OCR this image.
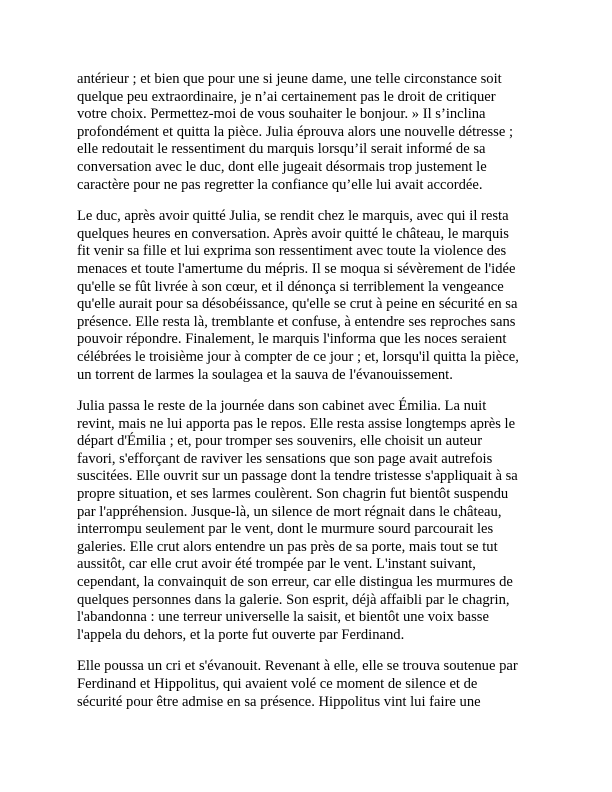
antérieur ; et bien que pour une si jeune dame, une telle circonstance soit
quelque peu extraordinaire, je n’ai certainement pas le droit de critiquer
votre choix. Permettez-moi de vous souhaiter le bonjour. » Il s’inclina
profondément et quitta la pièce. Julia éprouva alors une nouvelle détresse ;
elle redoutait le ressentiment du marquis lorsqu’il serait informé de sa
conversation avec le duc, dont elle jugeait désormais trop justement le
caractère pour ne pas regretter la confiance qu’elle lui avait accordée.

Le duc, après avoir quitté Julia, se rendit chez le marquis, avec qui il resta
quelques heures en conversation. Après avoir quitté le château, le marquis
fit venir sa fille et lui exprima son ressentiment avec toute la violence des
menaces et toute l'amertume du mépris. Il se moqua si sévèrement de l'idée
qu'elle se fût livrée à son cœur, et il dénonça si terriblement la vengeance
qu'elle aurait pour sa désobéissance, qu'elle se crut à peine en sécurité en sa
présence. Elle resta là, tremblante et confuse, à entendre ses reproches sans
pouvoir répondre. Finalement, le marquis l'informa que les noces seraient
célébrées le troisième jour à compter de ce jour ; et, lorsqu'il quitta la pièce,
un torrent de larmes la soulagea et la sauva de l'évanouissement.

Julia passa le reste de la journée dans son cabinet avec Émilia. La nuit
revint, mais ne lui apporta pas le repos. Elle resta assise longtemps après le
départ d'Émilia ; et, pour tromper ses souvenirs, elle choisit un auteur
favori, s'efforçant de raviver les sensations que son page avait autrefois
suscitées. Elle ouvrit sur un passage dont la tendre tristesse s'appliquait à sa
propre situation, et ses larmes coulèrent. Son chagrin fut bientôt suspendu
par l'appréhension. Jusque-là, un silence de mort régnait dans le château,
interrompu seulement par le vent, dont le murmure sourd parcourait les
galeries. Elle crut alors entendre un pas près de sa porte, mais tout se tut
aussitôt, car elle crut avoir été trompée par le vent. L'instant suivant,
cependant, la convainquit de son erreur, car elle distingua les murmures de
quelques personnes dans la galerie. Son esprit, déjà affaibli par le chagrin,
l'abandonna : une terreur universelle la saisit, et bientôt une voix basse
l'appela du dehors, et la porte fut ouverte par Ferdinand.

Elle poussa un cri et s'évanouit. Revenant à elle, elle se trouva soutenue par
Ferdinand et Hippolitus, qui avaient volé ce moment de silence et de
sécurité pour être admise en sa présence. Hippolitus vint lui faire une
